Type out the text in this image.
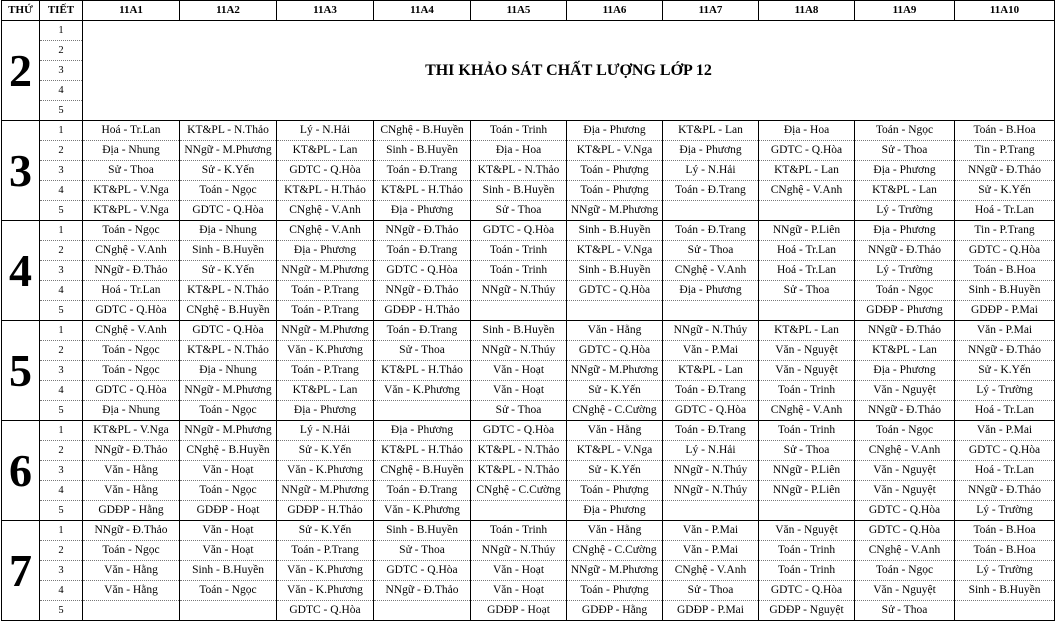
THỨ	TIẾT	11A1	11A2	11A3	11A4	11A5	11A6	11A7	11A8	11A9	11A10
2	1	THI KHẢO SÁT CHẤT LƯỢNG LỚP 12									
	2										
	3										
	4										
	5										
3	1	Hoá - Tr.Lan	KT&PL - N.Thảo	Lý - N.Hải	CNghệ - B.Huyền	Toán - Trinh	Địa - Phương	KT&PL - Lan	Địa - Hoa	Toán - Ngọc	Toán - B.Hoa
	2	Địa - Nhung	NNgữ - M.Phương	KT&PL - Lan	Sinh - B.Huyền	Địa - Hoa	KT&PL - V.Nga	Địa - Phương	GDTC - Q.Hòa	Sử - Thoa	Tin - P.Trang
	3	Sử - Thoa	Sử - K.Yến	GDTC - Q.Hòa	Toán - Đ.Trang	KT&PL - N.Thảo	Toán - Phượng	Lý - N.Hải	KT&PL - Lan	Địa - Phương	NNgữ - Đ.Thảo
	4	KT&PL - V.Nga	Toán - Ngọc	KT&PL - H.Thảo	KT&PL - H.Thảo	Sinh - B.Huyền	Toán - Phượng	Toán - Đ.Trang	CNghệ - V.Anh	KT&PL - Lan	Sử - K.Yến
	5	KT&PL - V.Nga	GDTC - Q.Hòa	CNghệ - V.Anh	Địa - Phương	Sử - Thoa	NNgữ - M.Phương			Lý - Trường	Hoá - Tr.Lan
4	1	Toán - Ngọc	Địa - Nhung	CNghệ - V.Anh	NNgữ - Đ.Thảo	GDTC - Q.Hòa	Sinh - B.Huyền	Toán - Đ.Trang	NNgữ - P.Liên	Địa - Phương	Tin - P.Trang
	2	CNghệ - V.Anh	Sinh - B.Huyền	Địa - Phương	Toán - Đ.Trang	Toán - Trinh	KT&PL - V.Nga	Sử - Thoa	Hoá - Tr.Lan	NNgữ - Đ.Thảo	GDTC - Q.Hòa
	3	NNgữ - Đ.Thảo	Sử - K.Yến	NNgữ - M.Phương	GDTC - Q.Hòa	Toán - Trinh	Sinh - B.Huyền	CNghệ - V.Anh	Hoá - Tr.Lan	Lý - Trường	Toán - B.Hoa
	4	Hoá - Tr.Lan	KT&PL - N.Thảo	Toán - P.Trang	NNgữ - Đ.Thảo	NNgữ - N.Thúy	GDTC - Q.Hòa	Địa - Phương	Sử - Thoa	Toán - Ngọc	Sinh - B.Huyền
	5	GDTC - Q.Hòa	CNghệ - B.Huyền	Toán - P.Trang	GDĐP - H.Thảo					GDĐP - Phương	GDĐP - P.Mai
5	1	CNghệ - V.Anh	GDTC - Q.Hòa	NNgữ - M.Phương	Toán - Đ.Trang	Sinh - B.Huyền	Văn - Hằng	NNgữ - N.Thúy	KT&PL - Lan	NNgữ - Đ.Thảo	Văn - P.Mai
	2	Toán - Ngọc	KT&PL - N.Thảo	Văn - K.Phương	Sử - Thoa	NNgữ - N.Thúy	GDTC - Q.Hòa	Văn - P.Mai	Văn - Nguyệt	KT&PL - Lan	NNgữ - Đ.Thảo
	3	Toán - Ngọc	Địa - Nhung	Toán - P.Trang	KT&PL - H.Thảo	Văn - Hoạt	NNgữ - M.Phương	KT&PL - Lan	Văn - Nguyệt	Địa - Phương	Sử - K.Yến
	4	GDTC - Q.Hòa	NNgữ - M.Phương	KT&PL - Lan	Văn - K.Phương	Văn - Hoạt	Sử - K.Yến	Toán - Đ.Trang	Toán - Trinh	Văn - Nguyệt	Lý - Trường
	5	Địa - Nhung	Toán - Ngọc	Địa - Phương		Sử - Thoa	CNghệ - C.Cường	GDTC - Q.Hòa	CNghệ - V.Anh	NNgữ - Đ.Thảo	Hoá - Tr.Lan
6	1	KT&PL - V.Nga	NNgữ - M.Phương	Lý - N.Hải	Địa - Phương	GDTC - Q.Hòa	Văn - Hằng	Toán - Đ.Trang	Toán - Trinh	Toán - Ngọc	Văn - P.Mai
	2	NNgữ - Đ.Thảo	CNghệ - B.Huyền	Sử - K.Yến	KT&PL - H.Thảo	KT&PL - N.Thảo	KT&PL - V.Nga	Lý - N.Hải	Sử - Thoa	CNghệ - V.Anh	GDTC - Q.Hòa
	3	Văn - Hằng	Văn - Hoạt	Văn - K.Phương	CNghệ - B.Huyền	KT&PL - N.Thảo	Sử - K.Yến	NNgữ - N.Thúy	NNgữ - P.Liên	Văn - Nguyệt	Hoá - Tr.Lan
	4	Văn - Hằng	Toán - Ngọc	NNgữ - M.Phương	Toán - Đ.Trang	CNghệ - C.Cường	Toán - Phượng	NNgữ - N.Thúy	NNgữ - P.Liên	Văn - Nguyệt	NNgữ - Đ.Thảo
	5	GDĐP - Hằng	GDĐP - Hoạt	GDĐP - H.Thảo	Văn - K.Phương		Địa - Phương			GDTC - Q.Hòa	Lý - Trường
7	1	NNgữ - Đ.Thảo	Văn - Hoạt	Sử - K.Yến	Sinh - B.Huyền	Toán - Trinh	Văn - Hằng	Văn - P.Mai	Văn - Nguyệt	GDTC - Q.Hòa	Toán - B.Hoa
	2	Toán - Ngọc	Văn - Hoạt	Toán - P.Trang	Sử - Thoa	NNgữ - N.Thúy	CNghệ - C.Cường	Văn - P.Mai	Toán - Trinh	CNghệ - V.Anh	Toán - B.Hoa
	3	Văn - Hằng	Sinh - B.Huyền	Văn - K.Phương	GDTC - Q.Hòa	Văn - Hoạt	NNgữ - M.Phương	CNghệ - V.Anh	Toán - Trinh	Toán - Ngọc	Lý - Trường
	4	Văn - Hằng	Toán - Ngọc	Văn - K.Phương	NNgữ - Đ.Thảo	Văn - Hoạt	Toán - Phượng	Sử - Thoa	GDTC - Q.Hòa	Văn - Nguyệt	Sinh - B.Huyền
	5			GDTC - Q.Hòa		GDĐP - Hoạt	GDĐP - Hằng	GDĐP - P.Mai	GDĐP - Nguyệt	Sử - Thoa	
